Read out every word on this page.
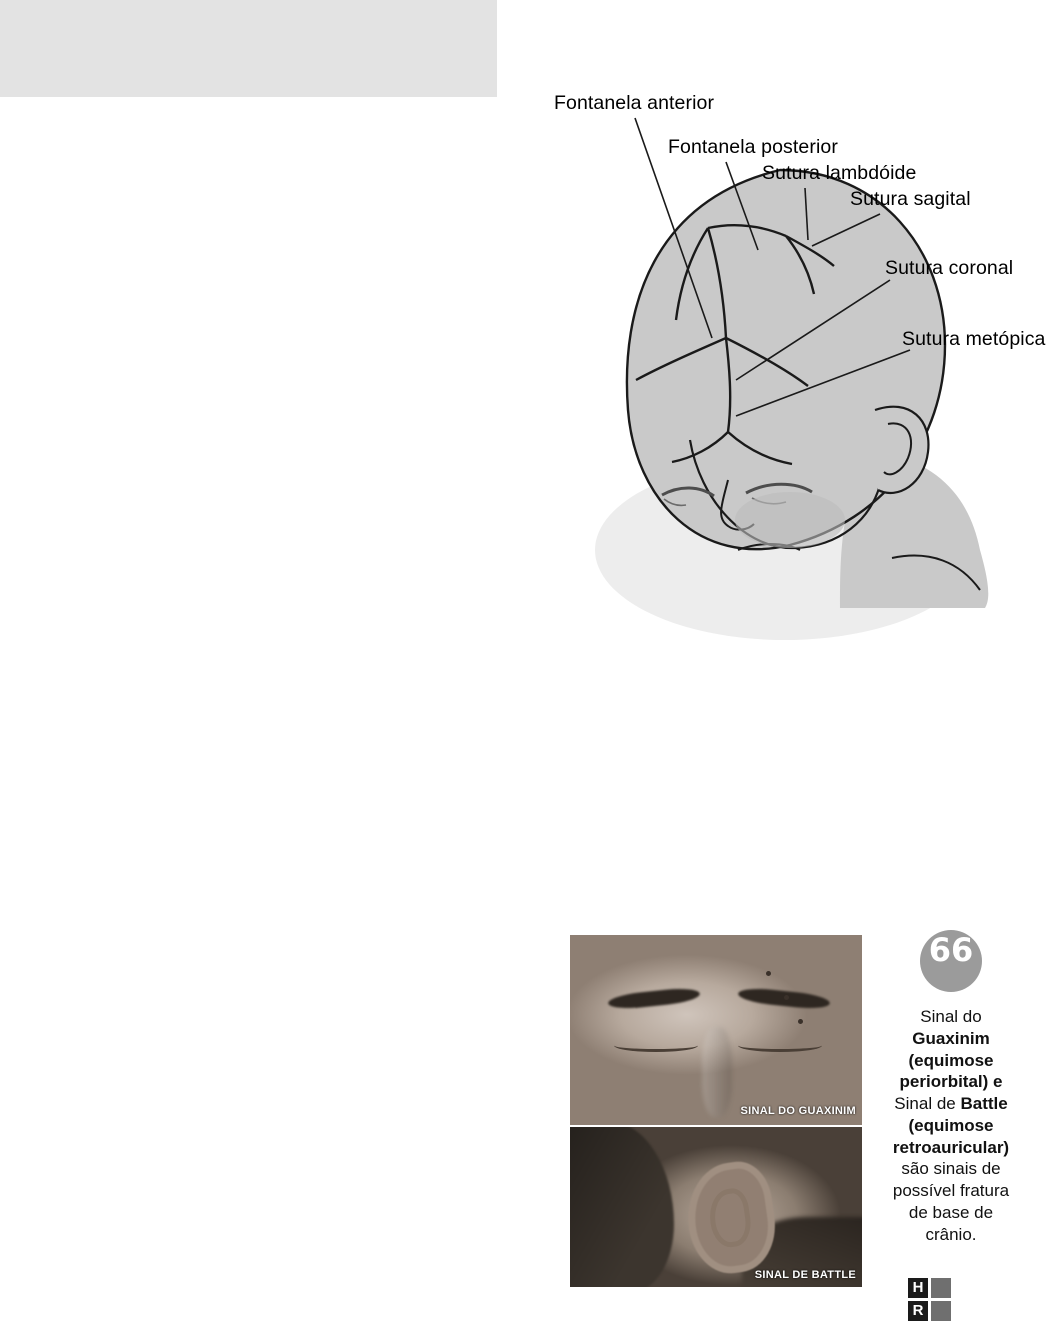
Fontanela anterior
Fontanela posterior
Sutura lambdóide
Sutura sagital
Sutura coronal
Sutura metópica
SINAL DO GUAXINIM
SINAL DE BATTLE
66
Sinal do
Guaxinim
(equimose
periorbital) e
Sinal de Battle
(equimose
retroauricular)
são sinais de
possível fratura
de base de
crânio.
H
R
